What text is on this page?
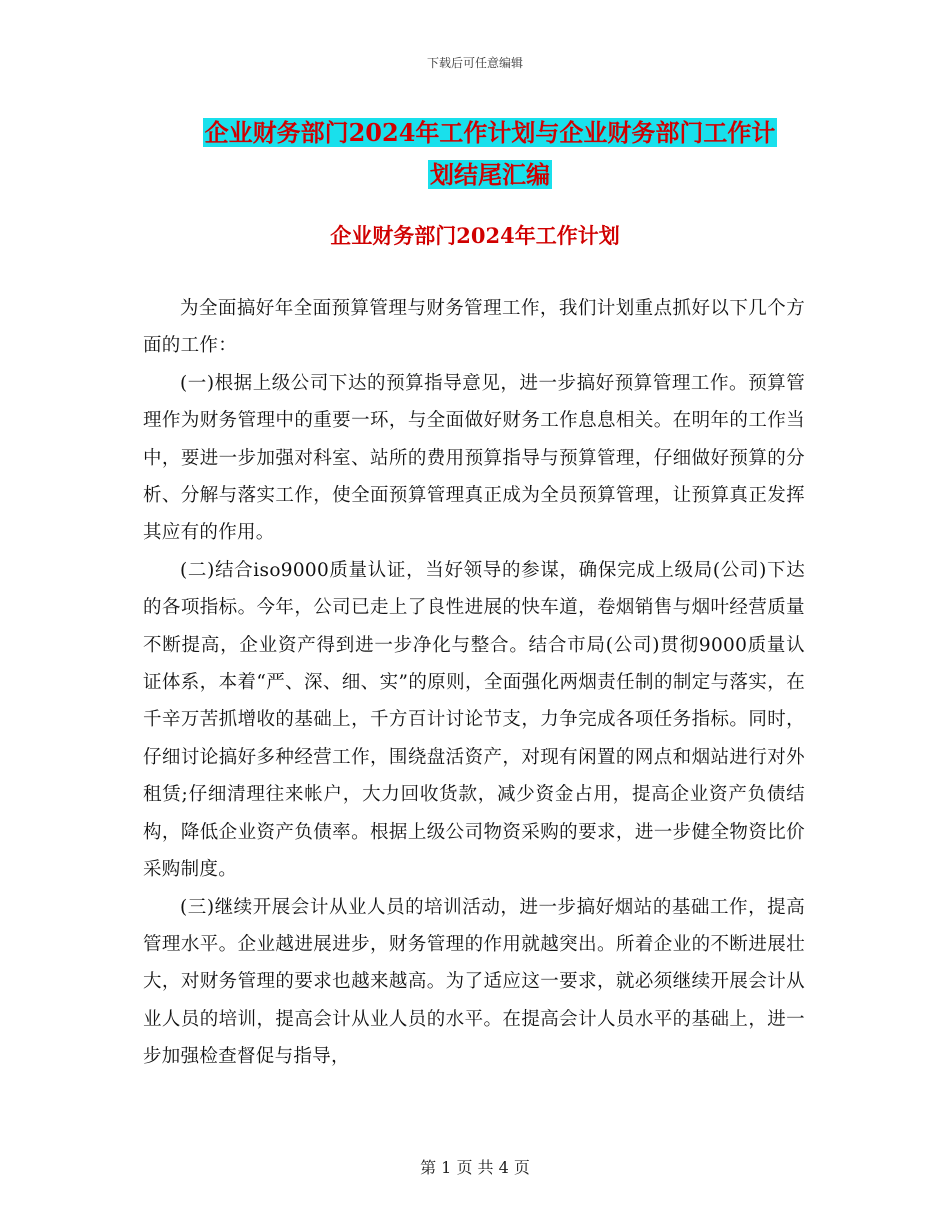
下载后可任意编辑
企业财务部门2024年工作计划与企业财务部门工作计
划结尾汇编
企业财务部门2024年工作计划

为全面搞好年全面预算管理与财务管理工作，我们计划重点抓好以下几个方面的工作：

(一)根据上级公司下达的预算指导意见，进一步搞好预算管理工作。预算管理作为财务管理中的重要一环，与全面做好财务工作息息相关。在明年的工作当中，要进一步加强对科室、站所的费用预算指导与预算管理，仔细做好预算的分析、分解与落实工作，使全面预算管理真正成为全员预算管理，让预算真正发挥其应有的作用。

(二)结合iso9000质量认证，当好领导的参谋，确保完成上级局(公司)下达的各项指标。今年，公司已走上了良性进展的快车道，卷烟销售与烟叶经营质量不断提高，企业资产得到进一步净化与整合。结合市局(公司)贯彻9000质量认证体系，本着“严、深、细、实”的原则，全面强化两烟责任制的制定与落实，在千辛万苦抓增收的基础上，千方百计讨论节支，力争完成各项任务指标。同时，仔细讨论搞好多种经营工作，围绕盘活资产，对现有闲置的网点和烟站进行对外租赁;仔细清理往来帐户，大力回收货款，减少资金占用，提高企业资产负债结构，降低企业资产负债率。根据上级公司物资采购的要求，进一步健全物资比价采购制度。

(三)继续开展会计从业人员的培训活动，进一步搞好烟站的基础工作，提高管理水平。企业越进展进步，财务管理的作用就越突出。所着企业的不断进展壮大，对财务管理的要求也越来越高。为了适应这一要求，就必须继续开展会计从业人员的培训，提高会计从业人员的水平。在提高会计人员水平的基础上，进一步加强检查督促与指导，

第 1 页 共 4 页
